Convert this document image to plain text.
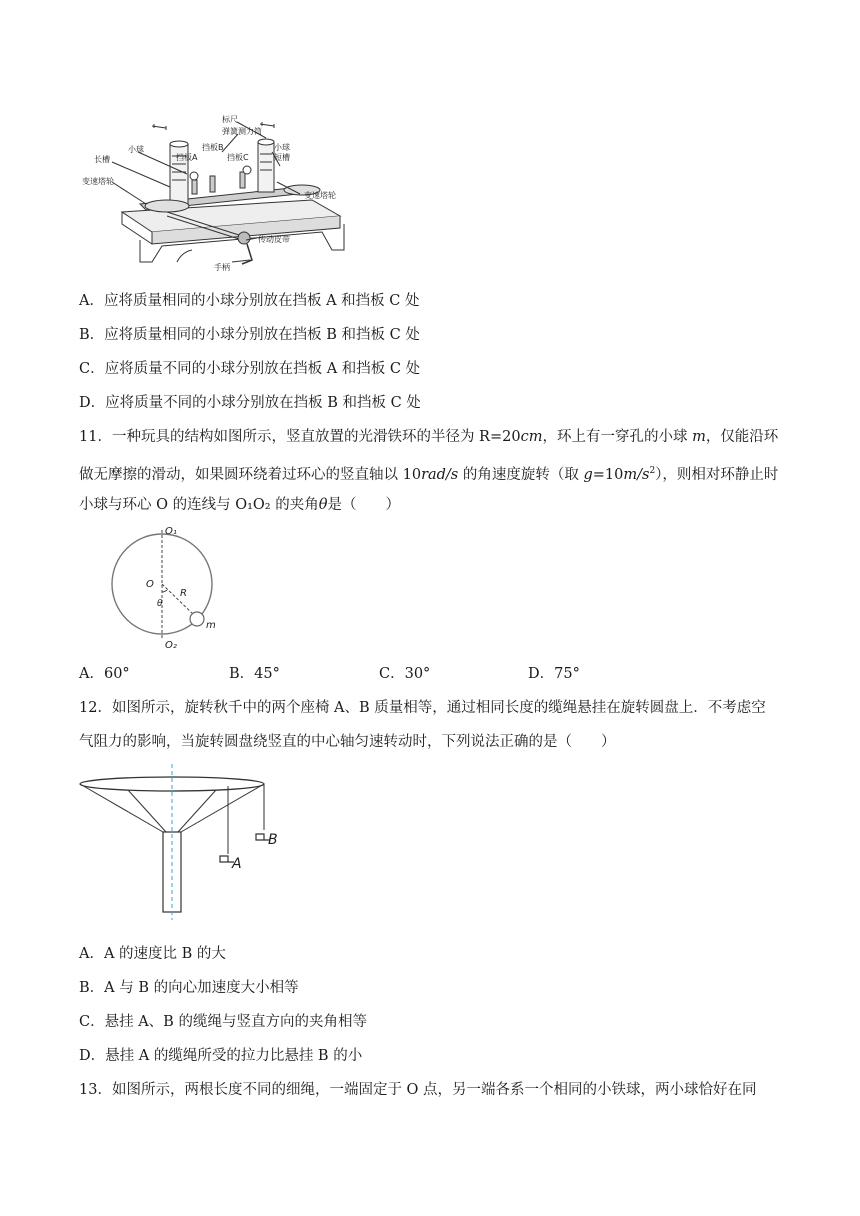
标尺
弹簧测力筒
小球
挡板A
挡板B
挡板C
小球
长槽	短槽
变速塔轮
变速塔轮
传动皮带
手柄
A．应将质量相同的小球分别放在挡板 A 和挡板 C 处
B．应将质量相同的小球分别放在挡板 B 和挡板 C 处
C．应将质量不同的小球分别放在挡板 A 和挡板 C 处
D．应将质量不同的小球分别放在挡板 B 和挡板 C 处
11．一种玩具的结构如图所示，竖直放置的光滑铁环的半径为 R=20cm，环上有一穿孔的小球 m，仅能沿环
做无摩擦的滑动，如果圆环绕着过环心的竖直轴以 10rad/s 的角速度旋转（取 $g=10m/s^2$），则相对环静止时
小球与环心 O 的连线与 O₁O₂ 的夹角θ是（　　）
O₁
O
R
θ
m
O₂
A．60°	B．45°	C．30°	D．75°
12．如图所示，旋转秋千中的两个座椅 A、B 质量相等，通过相同长度的缆绳悬挂在旋转圆盘上．不考虑空
气阻力的影响，当旋转圆盘绕竖直的中心轴匀速转动时，下列说法正确的是（　　）
A
B
A．A 的速度比 B 的大
B．A 与 B 的向心加速度大小相等
C．悬挂 A、B 的缆绳与竖直方向的夹角相等
D．悬挂 A 的缆绳所受的拉力比悬挂 B 的小
13．如图所示，两根长度不同的细绳，一端固定于 O 点，另一端各系一个相同的小铁球，两小球恰好在同
